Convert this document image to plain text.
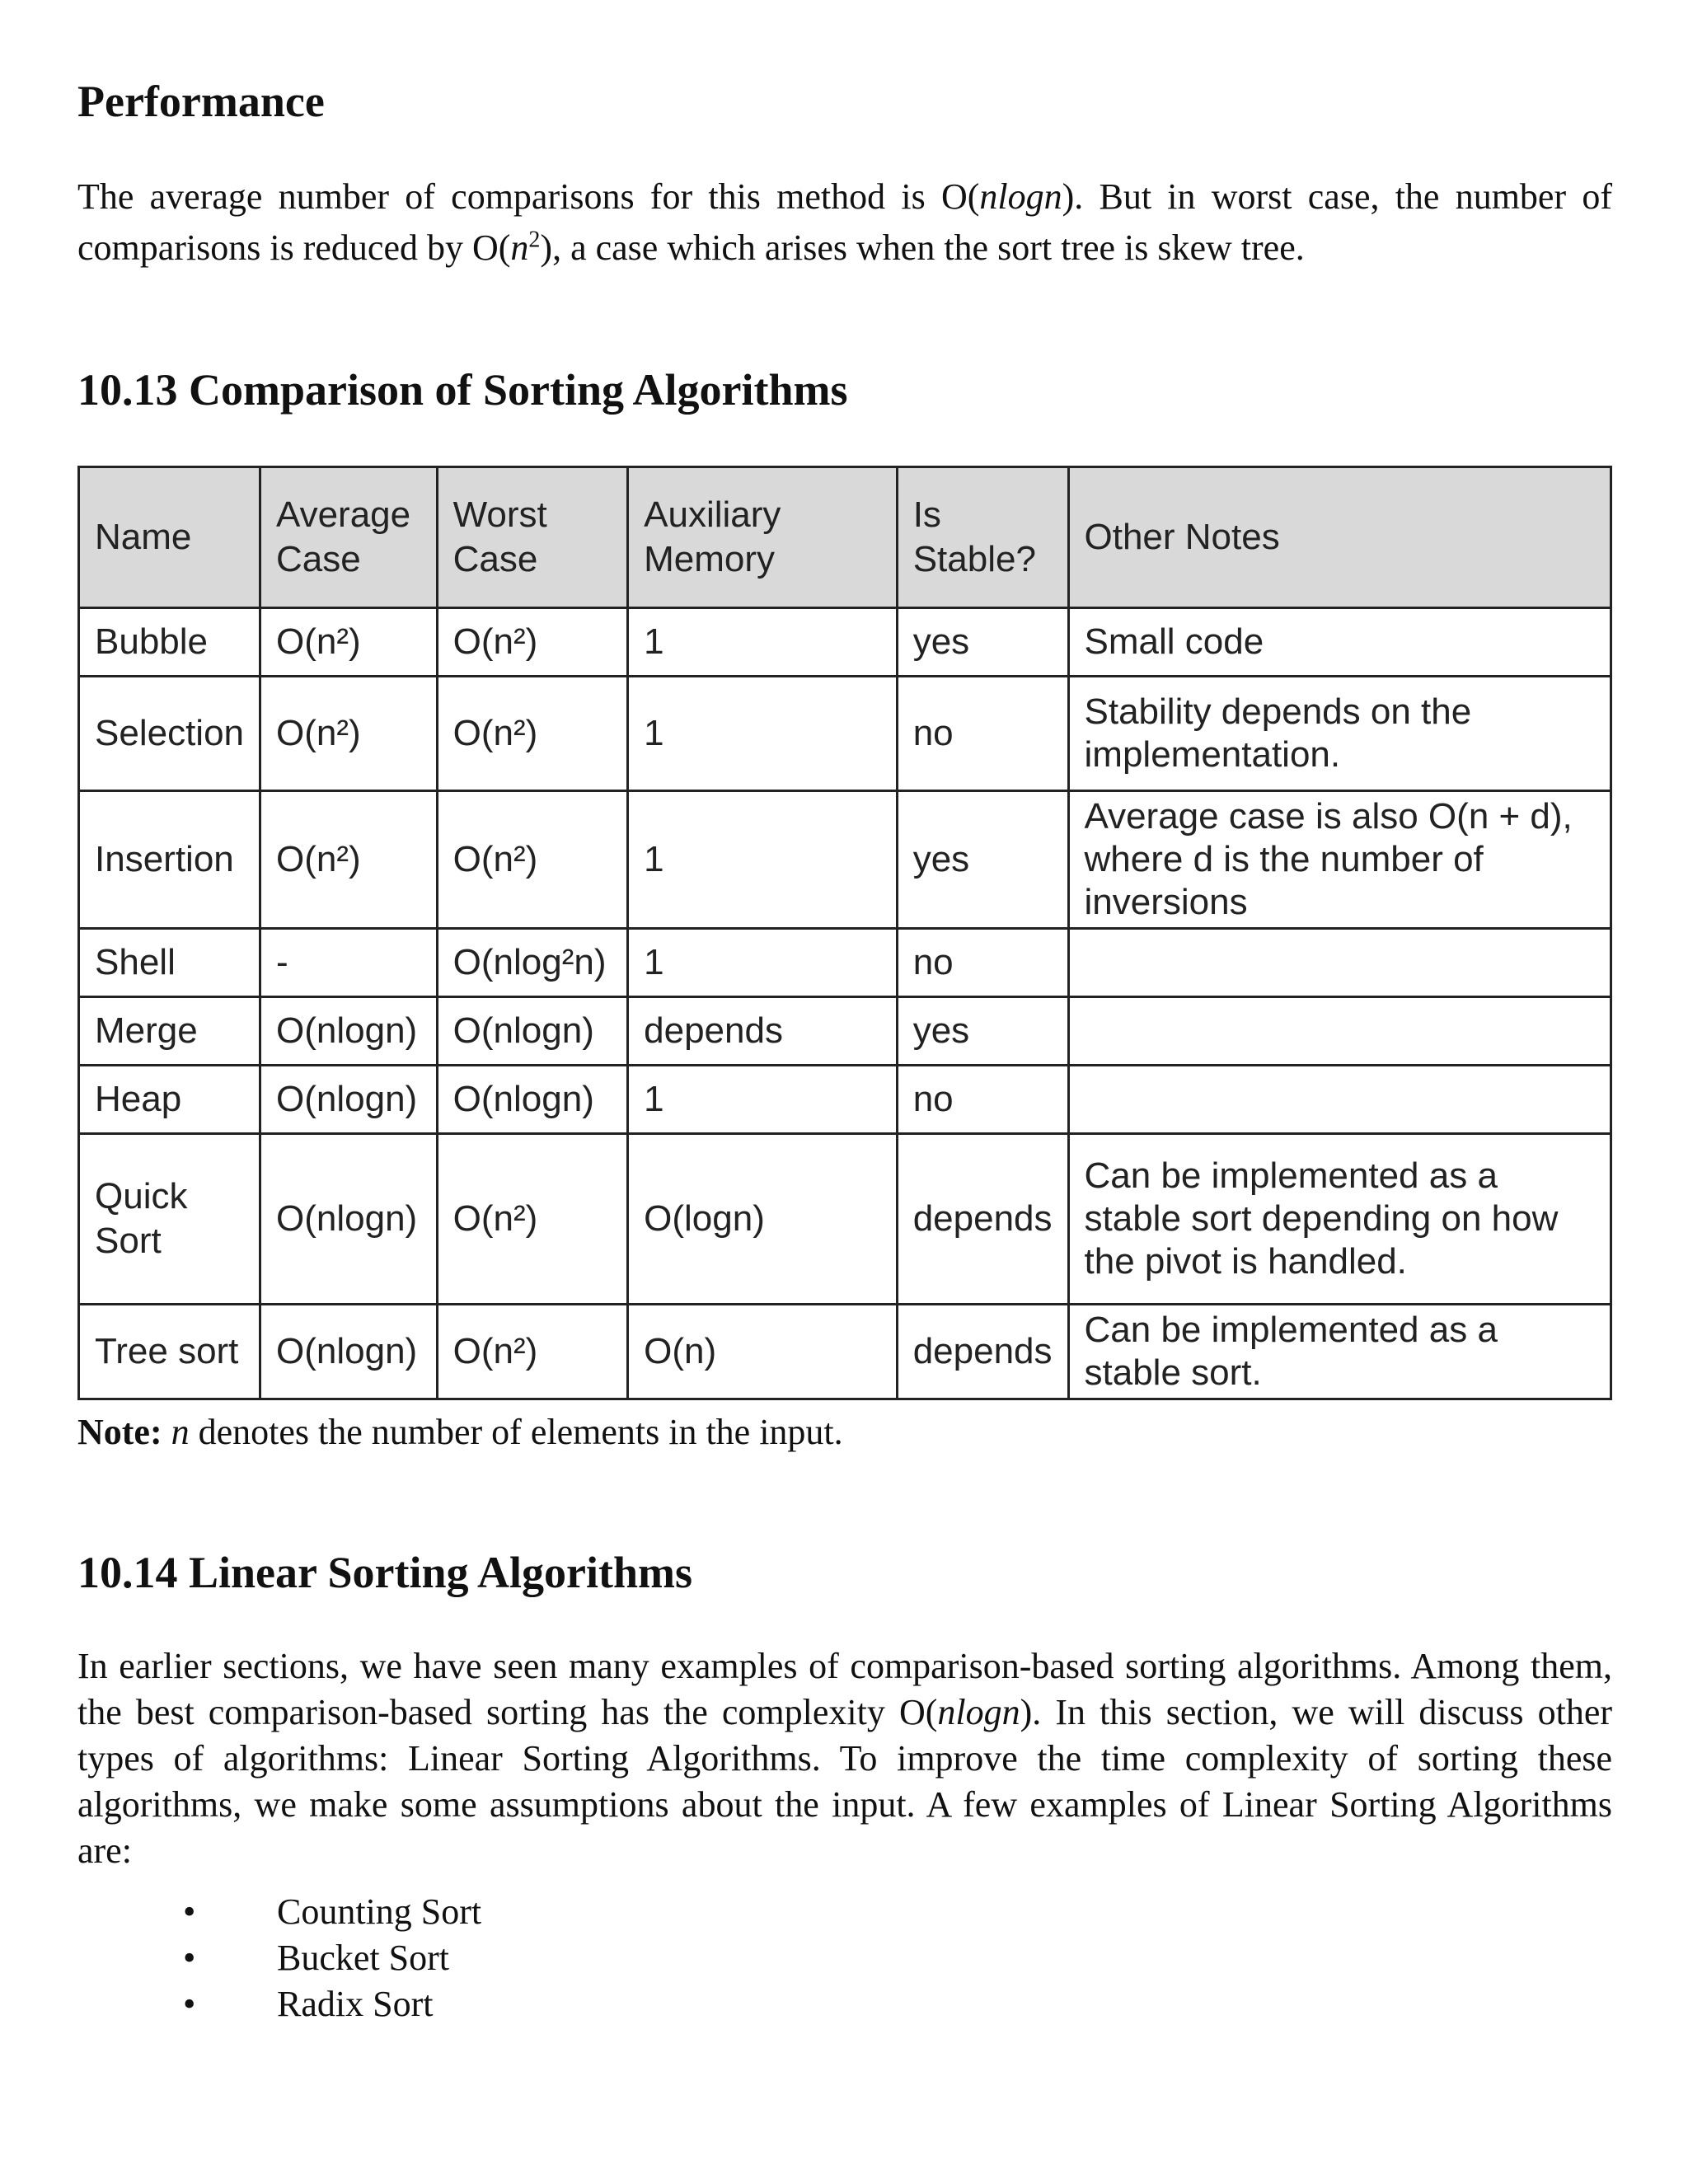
Performance

The average number of comparisons for this method is O(nlogn). But in worst case, the number of comparisons is reduced by $O(n^2)$, a case which arises when the sort tree is skew tree.

10.13 Comparison of Sorting Algorithms
Name	Average Case	Worst Case	Auxiliary Memory	Is Stable?	Other Notes
Bubble	O(n²)	O(n²)	1	yes	Small code
Selection	O(n²)	O(n²)	1	no	Stability depends on the implementation.
Insertion	O(n²)	O(n²)	1	yes	Average case is also O(n + d), where d is the number of inversions
Shell	-	O(nlog²n)	1	no	
Merge	O(nlogn)	O(nlogn)	depends	yes	
Heap	O(nlogn)	O(nlogn)	1	no	
Quick Sort	O(nlogn)	O(n²)	O(logn)	depends	Can be implemented as a stable sort depending on how the pivot is handled.
Tree sort	O(nlogn)	O(n²)	O(n)	depends	Can be implemented as a stable sort.

Note: n denotes the number of elements in the input.

10.14 Linear Sorting Algorithms

In earlier sections, we have seen many examples of comparison-based sorting algorithms. Among them, the best comparison-based sorting has the complexity O(nlogn). In this section, we will discuss other types of algorithms: Linear Sorting Algorithms. To improve the time complexity of sorting these algorithms, we make some assumptions about the input. A few examples of Linear Sorting Algorithms are:

• Counting Sort
• Bucket Sort
• Radix Sort
